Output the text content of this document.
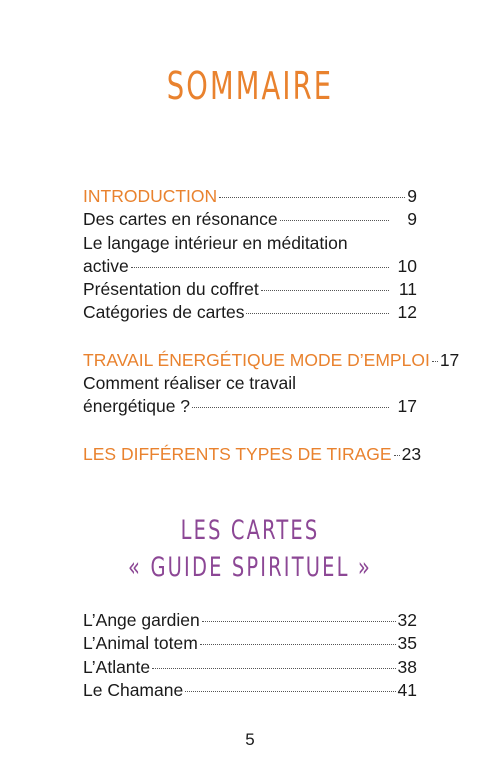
SOMMAIRE
INTRODUCTION	9
Des cartes en résonance	9
Le langage intérieur en méditation
active	10
Présentation du coffret	11
Catégories de cartes	12
TRAVAIL ÉNERGÉTIQUE MODE D’EMPLOI 17
Comment réaliser ce travail
énergétique ?	17
LES DIFFÉRENTS TYPES DE TIRAGE 23
LES CARTES
« GUIDE SPIRITUEL »
L’Ange gardien	32
L’Animal totem	35
L’Atlante	38
Le Chamane	41
5
